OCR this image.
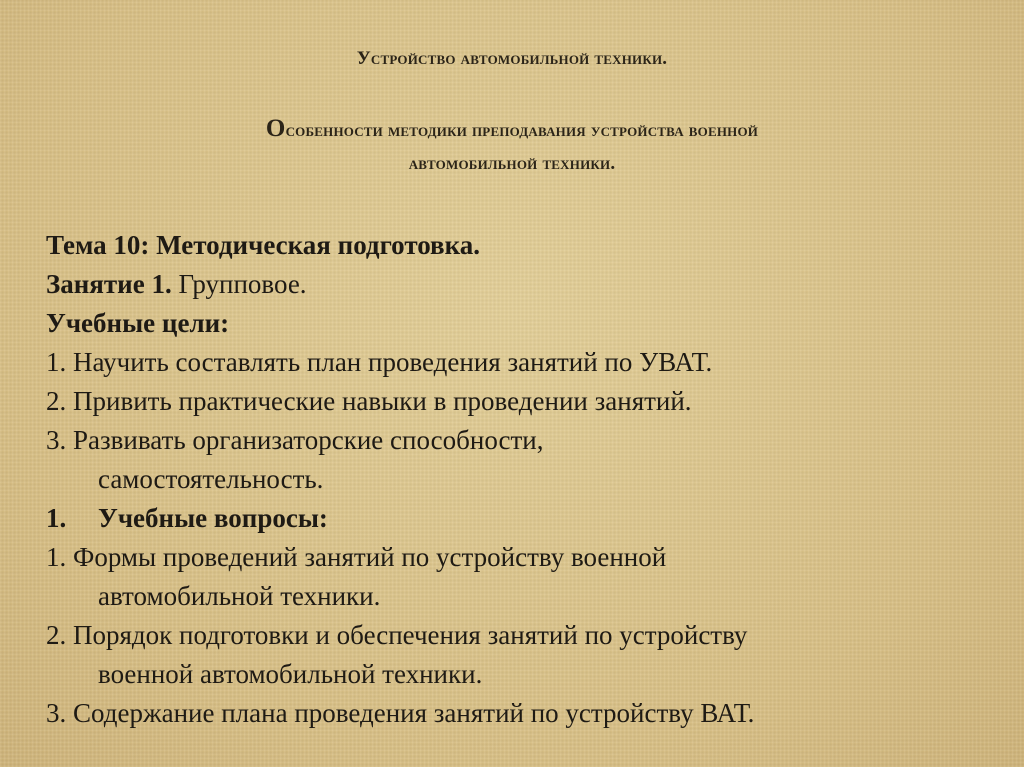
Устройство автомобильной техники.
Особенности методики преподавания устройства военной
автомобильной техники.
Тема 10: Методическая подготовка.
Занятие 1. Групповое.
Учебные цели:
1. Научить составлять план проведения занятий по УВАТ.
2. Привить практические навыки в проведении занятий.
3. Развивать организаторские способности,
самостоятельность.
1. Учебные вопросы:
1. Формы проведений занятий по устройству военной
автомобильной техники.
2. Порядок подготовки и обеспечения занятий по устройству
военной автомобильной техники.
3. Содержание плана проведения занятий по устройству ВАТ.
